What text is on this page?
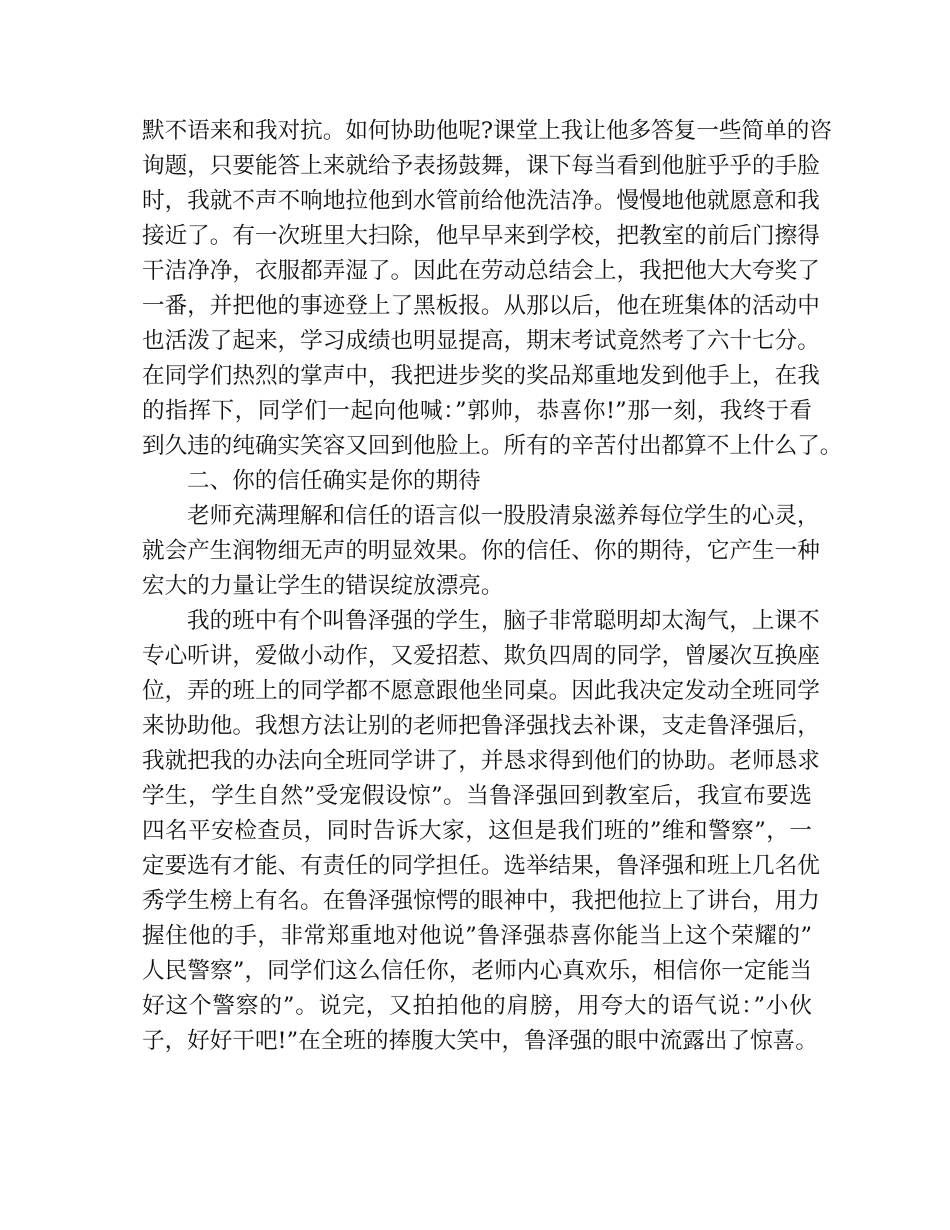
默不语来和我对抗。如何协助他呢?课堂上我让他多答复一些简单的咨
询题，只要能答上来就给予表扬鼓舞，课下每当看到他脏乎乎的手脸
时，我就不声不响地拉他到水管前给他洗洁净。慢慢地他就愿意和我
接近了。有一次班里大扫除，他早早来到学校，把教室的前后门擦得
干洁净净，衣服都弄湿了。因此在劳动总结会上，我把他大大夸奖了
一番，并把他的事迹登上了黑板报。从那以后，他在班集体的活动中
也活泼了起来，学习成绩也明显提高，期末考试竟然考了六十七分。
在同学们热烈的掌声中，我把进步奖的奖品郑重地发到他手上，在我
的指挥下，同学们一起向他喊：”郭帅，恭喜你!”那一刻，我终于看
到久违的纯确实笑容又回到他脸上。所有的辛苦付出都算不上什么了。
二、你的信任确实是你的期待
老师充满理解和信任的语言似一股股清泉滋养每位学生的心灵，
就会产生润物细无声的明显效果。你的信任、你的期待，它产生一种
宏大的力量让学生的错误绽放漂亮。
我的班中有个叫鲁泽强的学生，脑子非常聪明却太淘气，上课不
专心听讲，爱做小动作，又爱招惹、欺负四周的同学，曾屡次互换座
位，弄的班上的同学都不愿意跟他坐同桌。因此我决定发动全班同学
来协助他。我想方法让别的老师把鲁泽强找去补课，支走鲁泽强后，
我就把我的办法向全班同学讲了，并恳求得到他们的协助。老师恳求
学生，学生自然”受宠假设惊”。当鲁泽强回到教室后，我宣布要选
四名平安检查员，同时告诉大家，这但是我们班的”维和警察”，一
定要选有才能、有责任的同学担任。选举结果，鲁泽强和班上几名优
秀学生榜上有名。在鲁泽强惊愕的眼神中，我把他拉上了讲台，用力
握住他的手，非常郑重地对他说”鲁泽强恭喜你能当上这个荣耀的”
人民警察”，同学们这么信任你，老师内心真欢乐，相信你一定能当
好这个警察的”。说完，又拍拍他的肩膀，用夸大的语气说：”小伙
子，好好干吧!”在全班的捧腹大笑中，鲁泽强的眼中流露出了惊喜。
